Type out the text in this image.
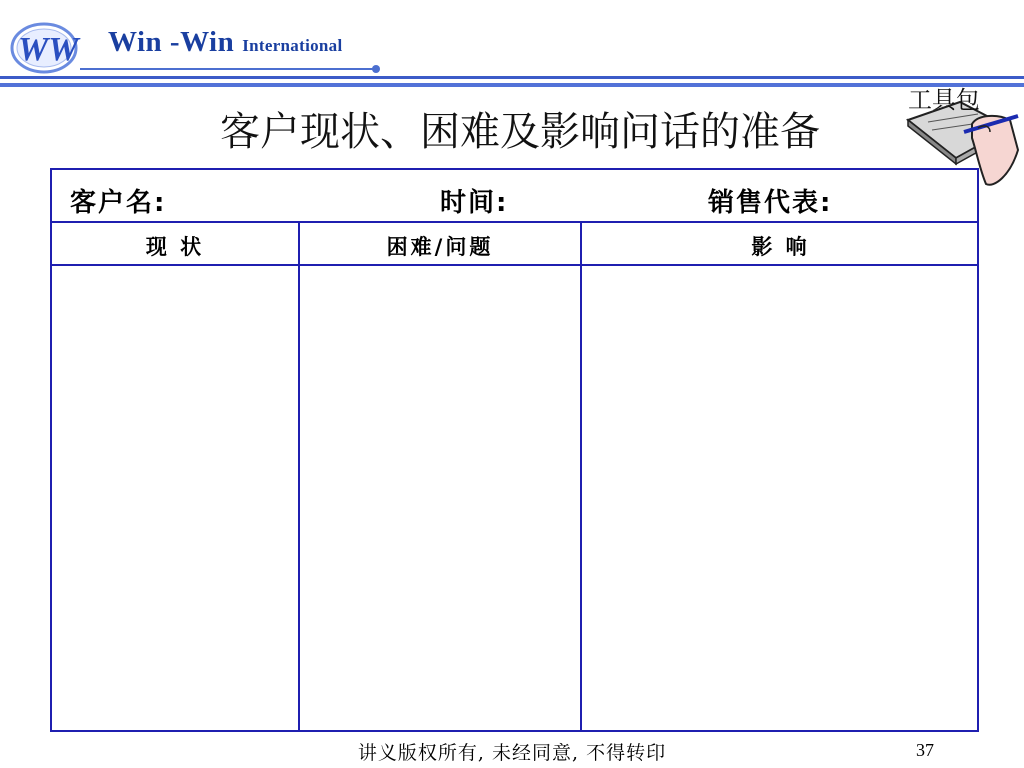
WW Win -Win International
客户现状、困难及影响问话的准备
工具包
客户名:	时间:	销售代表:
现 状	困难/问题	影 响
讲义版权所有, 未经同意, 不得转印	37
